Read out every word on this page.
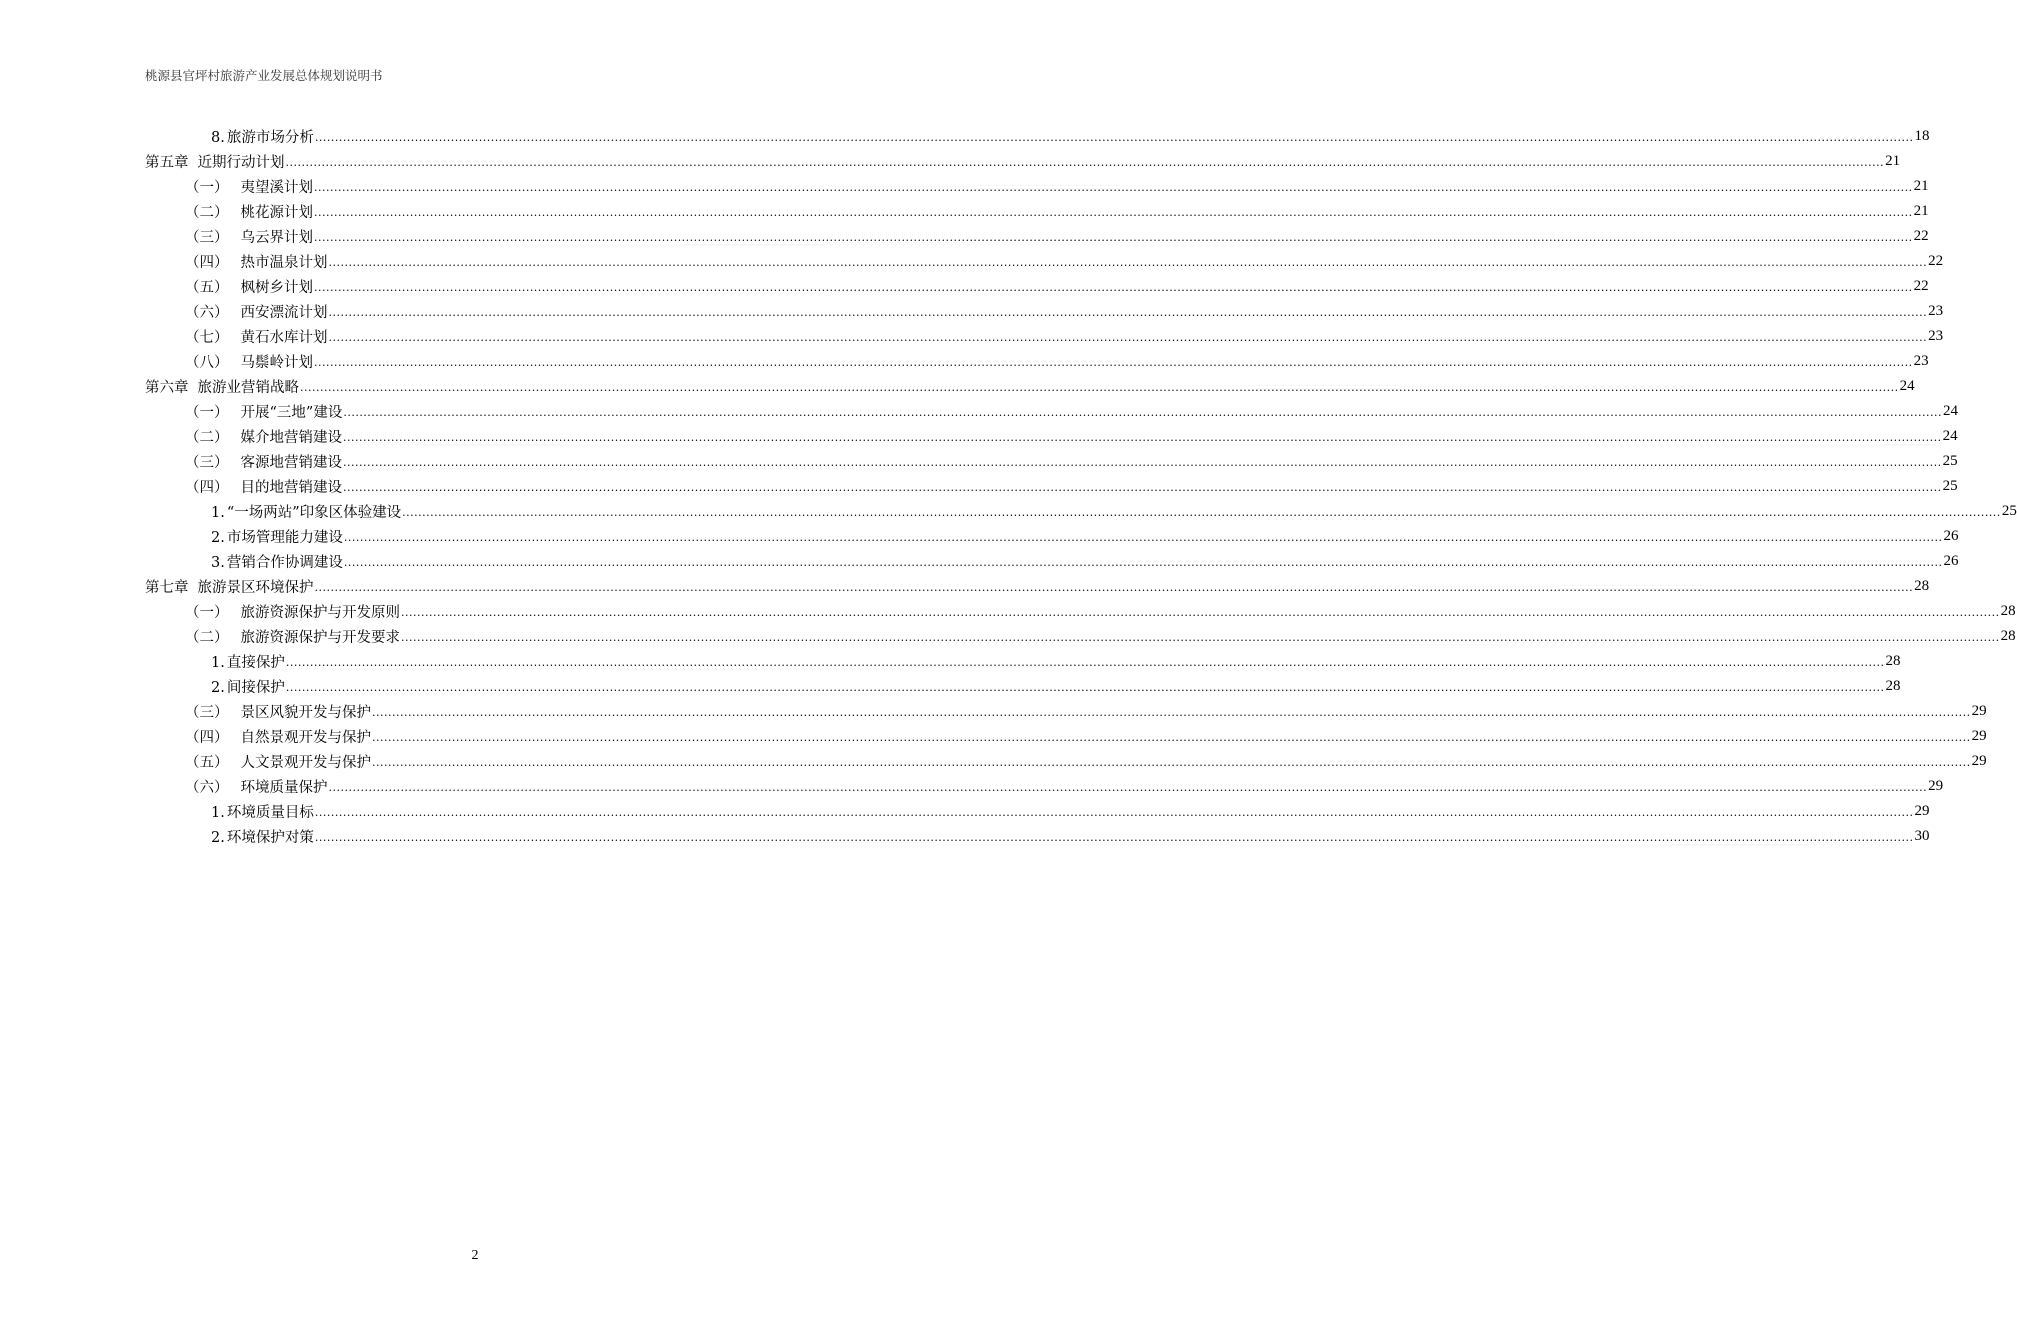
桃源县官坪村旅游产业发展总体规划说明书
8. 旅游市场分析 ................................................................................................................................................................................................................................................................................................................................................................................................................ 18
第五章 近期行动计划 ................................................................................................................................................................................................................................................................................................................................................................................................................ 21
（一） 夷望溪计划 ................................................................................................................................................................................................................................................................................................................................................................................................................ 21
（二） 桃花源计划 ................................................................................................................................................................................................................................................................................................................................................................................................................ 21
（三） 乌云界计划 ................................................................................................................................................................................................................................................................................................................................................................................................................ 22
（四） 热市温泉计划 ................................................................................................................................................................................................................................................................................................................................................................................................................ 22
（五） 枫树乡计划 ................................................................................................................................................................................................................................................................................................................................................................................................................ 22
（六） 西安漂流计划 ................................................................................................................................................................................................................................................................................................................................................................................................................ 23
（七） 黄石水库计划 ................................................................................................................................................................................................................................................................................................................................................................................................................ 23
（八） 马鬃岭计划 ................................................................................................................................................................................................................................................................................................................................................................................................................ 23
第六章 旅游业营销战略 ................................................................................................................................................................................................................................................................................................................................................................................................................ 24
（一） 开展“三地”建设 ................................................................................................................................................................................................................................................................................................................................................................................................................ 24
（二） 媒介地营销建设 ................................................................................................................................................................................................................................................................................................................................................................................................................ 24
（三） 客源地营销建设 ................................................................................................................................................................................................................................................................................................................................................................................................................ 25
（四） 目的地营销建设 ................................................................................................................................................................................................................................................................................................................................................................................................................ 25
1. “一场两站”印象区体验建设 ................................................................................................................................................................................................................................................................................................................................................................................................................ 25
2. 市场管理能力建设 ................................................................................................................................................................................................................................................................................................................................................................................................................ 26
3. 营销合作协调建设 ................................................................................................................................................................................................................................................................................................................................................................................................................ 26
第七章 旅游景区环境保护 ................................................................................................................................................................................................................................................................................................................................................................................................................ 28
（一） 旅游资源保护与开发原则 ................................................................................................................................................................................................................................................................................................................................................................................................................ 28
（二） 旅游资源保护与开发要求 ................................................................................................................................................................................................................................................................................................................................................................................................................ 28
1. 直接保护 ................................................................................................................................................................................................................................................................................................................................................................................................................ 28
2. 间接保护 ................................................................................................................................................................................................................................................................................................................................................................................................................ 28
（三） 景区风貌开发与保护 ................................................................................................................................................................................................................................................................................................................................................................................................................ 29
（四） 自然景观开发与保护 ................................................................................................................................................................................................................................................................................................................................................................................................................ 29
（五） 人文景观开发与保护 ................................................................................................................................................................................................................................................................................................................................................................................................................ 29
（六） 环境质量保护 ................................................................................................................................................................................................................................................................................................................................................................................................................ 29
1. 环境质量目标 ................................................................................................................................................................................................................................................................................................................................................................................................................ 29
2. 环境保护对策 ................................................................................................................................................................................................................................................................................................................................................................................................................ 30
2
